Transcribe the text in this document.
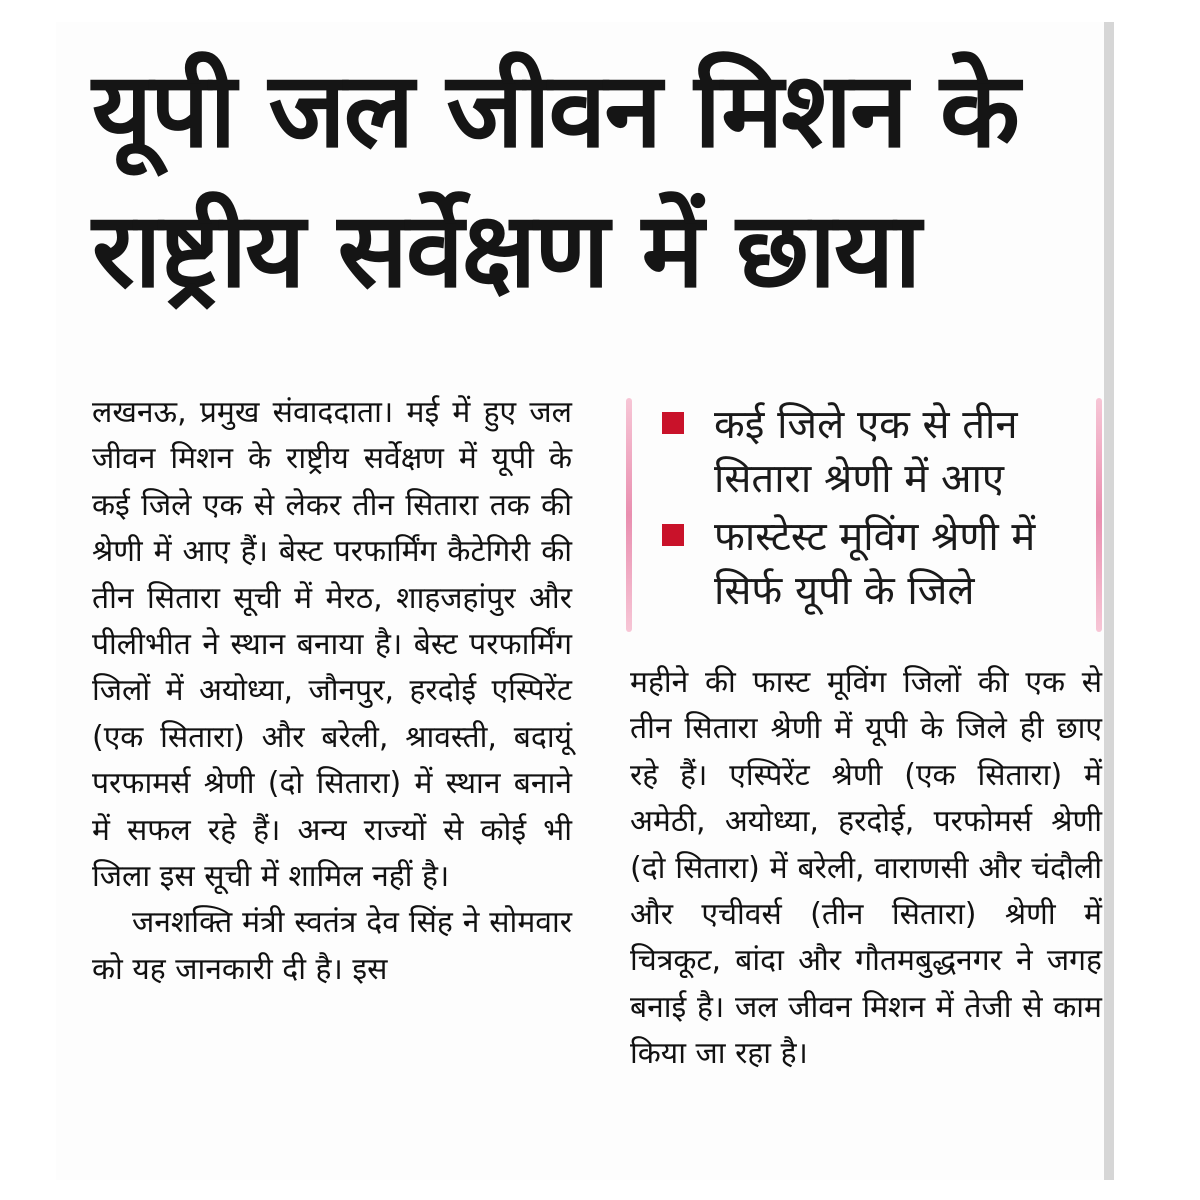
यूपी जल जीवन मिशन के
राष्ट्रीय सर्वेक्षण में छाया

लखनऊ, प्रमुख संवाददाता। मई में हुए जल जीवन मिशन के राष्ट्रीय सर्वेक्षण में यूपी के कई जिले एक से लेकर तीन सितारा तक की श्रेणी में आए हैं। बेस्ट परफार्मिंग कैटेगिरी की तीन सितारा सूची में मेरठ, शाहजहांपुर और पीलीभीत ने स्थान बनाया है। बेस्ट परफार्मिंग जिलों में अयोध्या, जौनपुर, हरदोई एस्पिरेंट (एक सितारा) और बरेली, श्रावस्ती, बदायूं परफामर्स श्रेणी (दो सितारा) में स्थान बनाने में सफल रहे हैं। अन्य राज्यों से कोई भी जिला इस सूची में शामिल नहीं है।

जनशक्ति मंत्री स्वतंत्र देव सिंह ने सोमवार को यह जानकारी दी है। इस

कई जिले एक से तीन
सितारा श्रेणी में आए
फास्टेस्ट मूविंग श्रेणी में
सिर्फ यूपी के जिले

महीने की फास्ट मूविंग जिलों की एक से तीन सितारा श्रेणी में यूपी के जिले ही छाए रहे हैं। एस्पिरेंट श्रेणी (एक सितारा) में अमेठी, अयोध्या, हरदोई, परफोमर्स श्रेणी (दो सितारा) में बरेली, वाराणसी और चंदौली और एचीवर्स (तीन सितारा) श्रेणी में चित्रकूट, बांदा और गौतमबुद्धनगर ने जगह बनाई है। जल जीवन मिशन में तेजी से काम किया जा रहा है।
